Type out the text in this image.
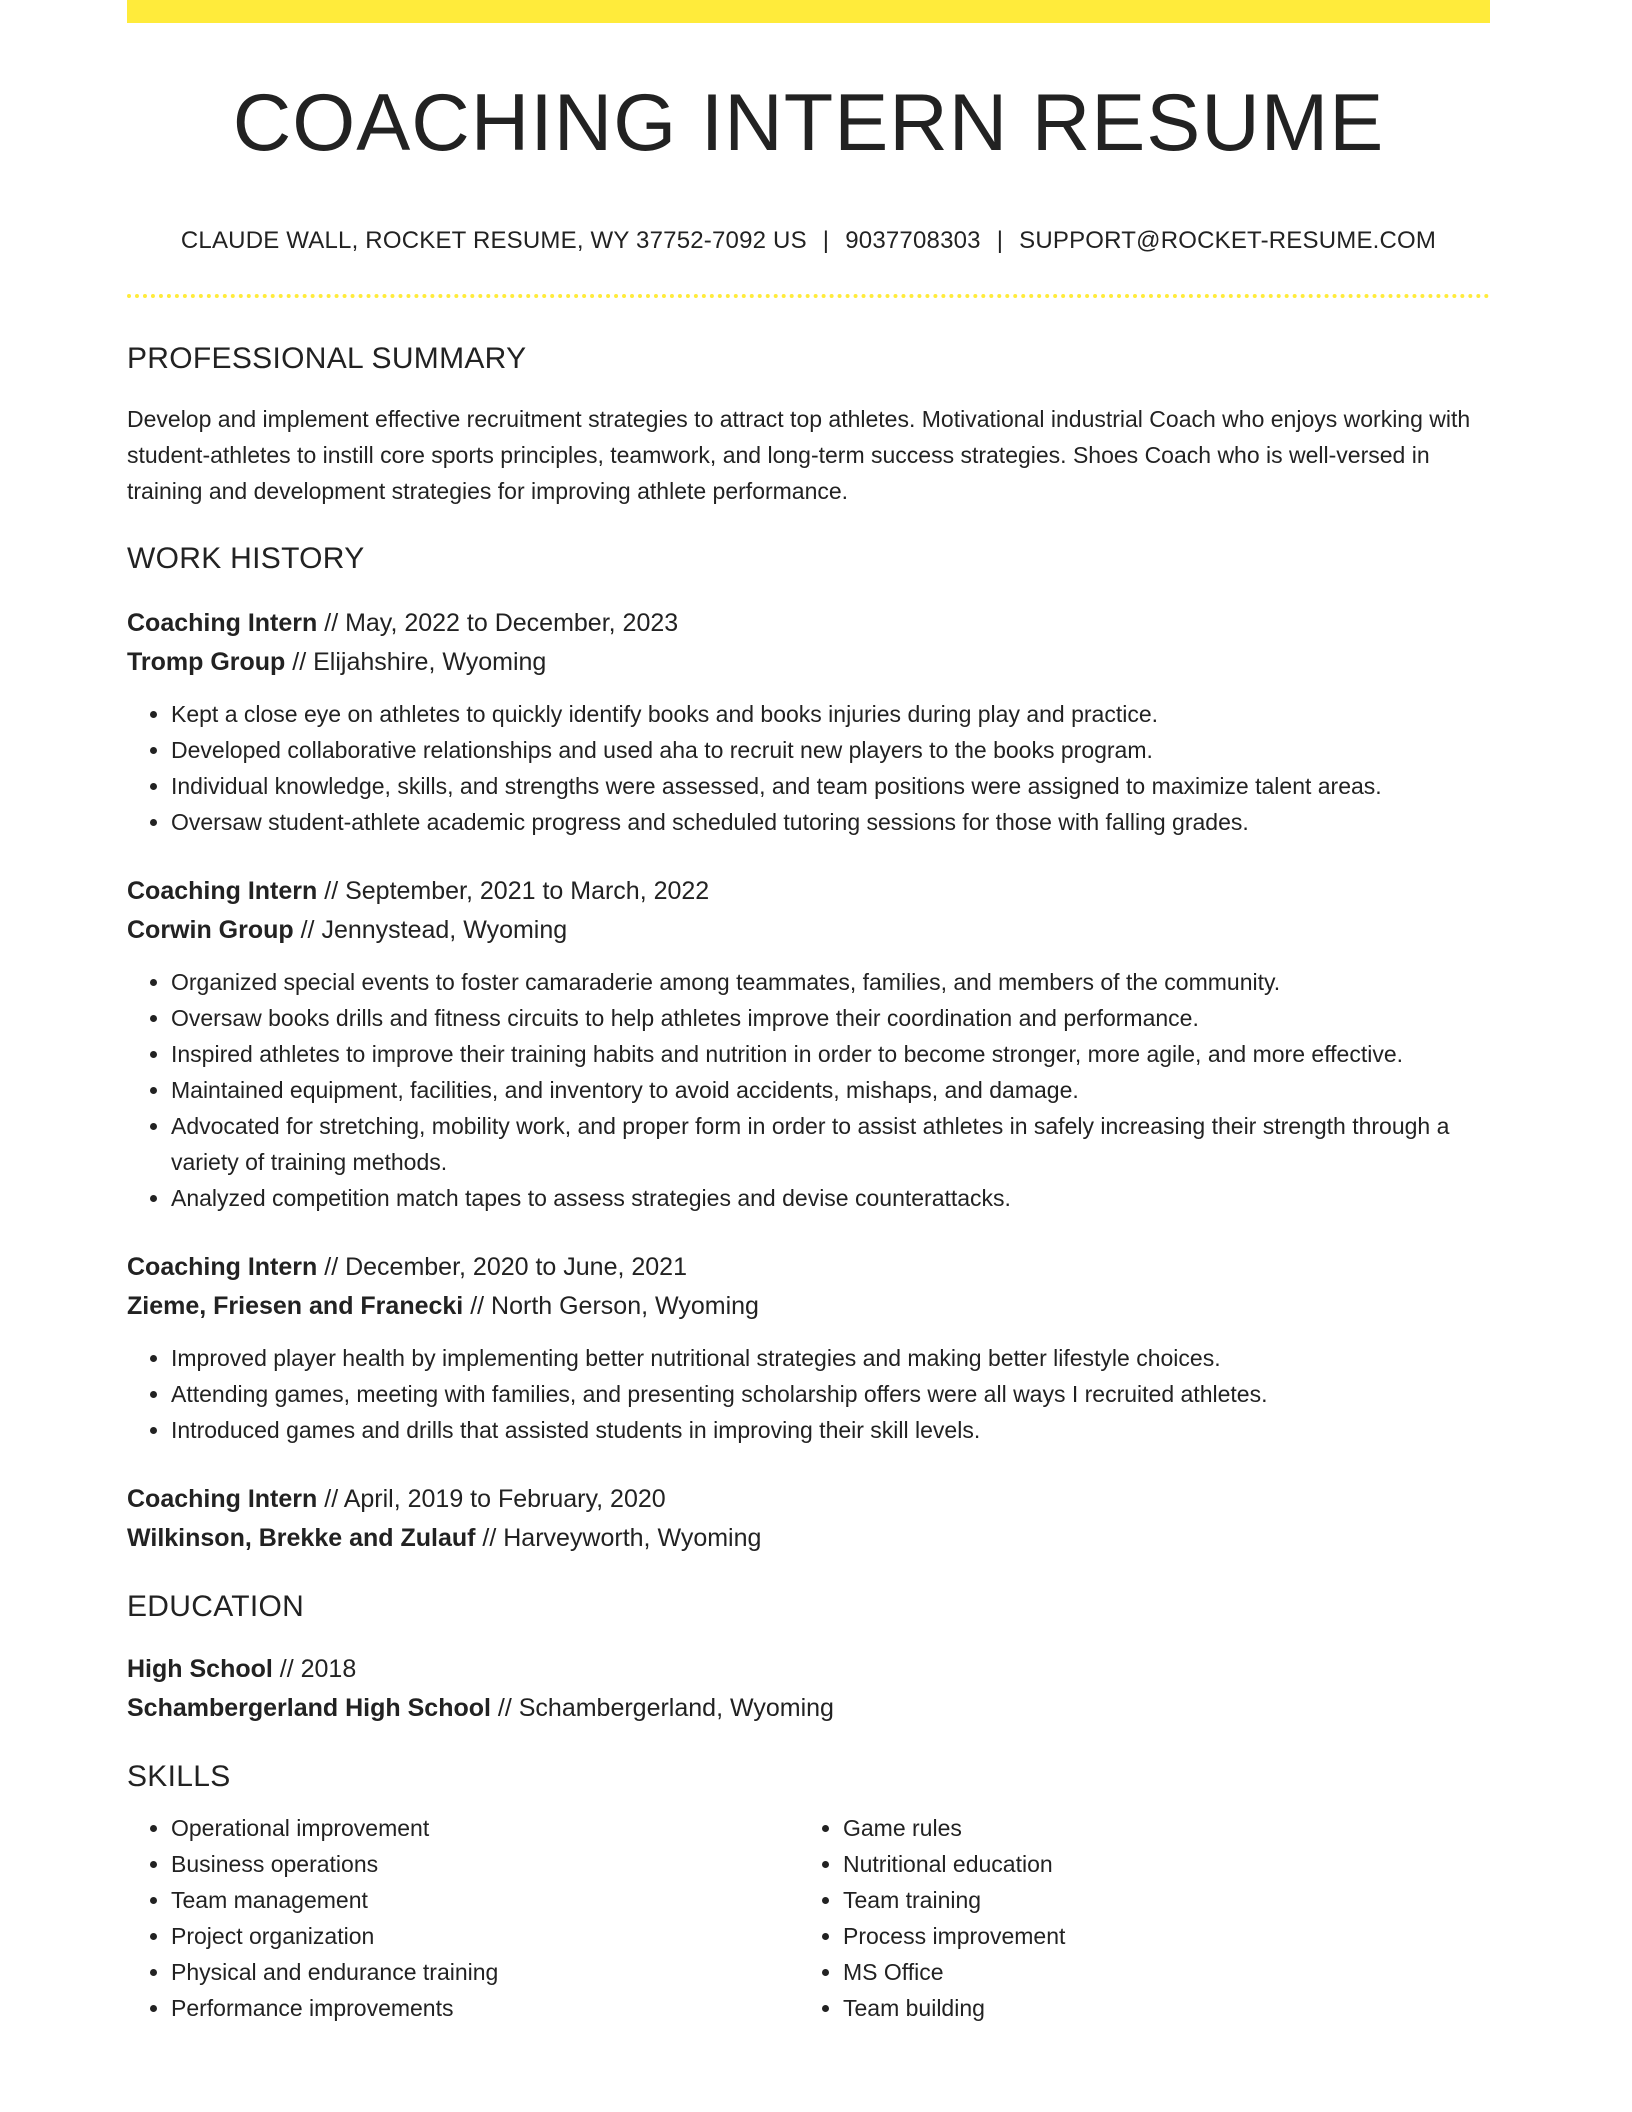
COACHING INTERN RESUME
CLAUDE WALL, ROCKET RESUME, WY 37752-7092 US | 9037708303 | SUPPORT@ROCKET-RESUME.COM
PROFESSIONAL SUMMARY
Develop and implement effective recruitment strategies to attract top athletes. Motivational industrial Coach who enjoys working with student-athletes to instill core sports principles, teamwork, and long-term success strategies. Shoes Coach who is well-versed in training and development strategies for improving athlete performance.
WORK HISTORY
Coaching Intern // May, 2022 to December, 2023
Tromp Group // Elijahshire, Wyoming
• Kept a close eye on athletes to quickly identify books and books injuries during play and practice.
• Developed collaborative relationships and used aha to recruit new players to the books program.
• Individual knowledge, skills, and strengths were assessed, and team positions were assigned to maximize talent areas.
• Oversaw student-athlete academic progress and scheduled tutoring sessions for those with falling grades.
Coaching Intern // September, 2021 to March, 2022
Corwin Group // Jennystead, Wyoming
• Organized special events to foster camaraderie among teammates, families, and members of the community.
• Oversaw books drills and fitness circuits to help athletes improve their coordination and performance.
• Inspired athletes to improve their training habits and nutrition in order to become stronger, more agile, and more effective.
• Maintained equipment, facilities, and inventory to avoid accidents, mishaps, and damage.
• Advocated for stretching, mobility work, and proper form in order to assist athletes in safely increasing their strength through a variety of training methods.
• Analyzed competition match tapes to assess strategies and devise counterattacks.
Coaching Intern // December, 2020 to June, 2021
Zieme, Friesen and Franecki // North Gerson, Wyoming
• Improved player health by implementing better nutritional strategies and making better lifestyle choices.
• Attending games, meeting with families, and presenting scholarship offers were all ways I recruited athletes.
• Introduced games and drills that assisted students in improving their skill levels.
Coaching Intern // April, 2019 to February, 2020
Wilkinson, Brekke and Zulauf // Harveyworth, Wyoming
EDUCATION
High School // 2018
Schambergerland High School // Schambergerland, Wyoming
SKILLS
• Operational improvement
• Business operations
• Team management
• Project organization
• Physical and endurance training
• Performance improvements
• Game rules
• Nutritional education
• Team training
• Process improvement
• MS Office
• Team building
